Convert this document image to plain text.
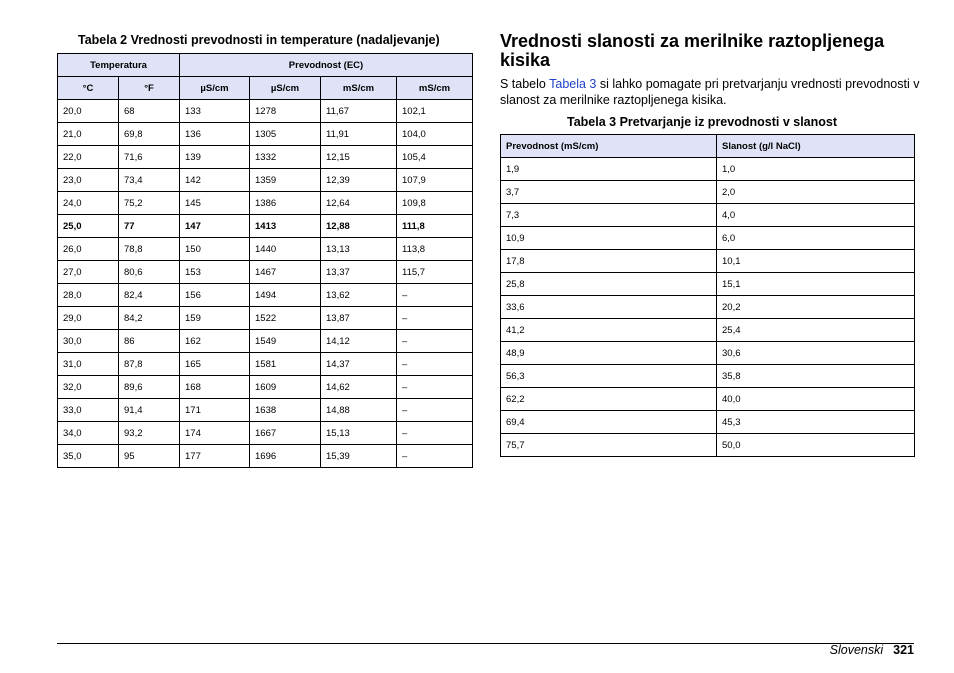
Tabela 2 Vrednosti prevodnosti in temperature (nadaljevanje)
Temperatura		Prevodnost (EC)			
°C	°F	µS/cm	µS/cm	mS/cm	mS/cm
20,0	68	133	1278	11,67	102,1
21,0	69,8	136	1305	11,91	104,0
22,0	71,6	139	1332	12,15	105,4
23,0	73,4	142	1359	12,39	107,9
24,0	75,2	145	1386	12,64	109,8
25,0	77	147	1413	12,88	111,8
26,0	78,8	150	1440	13,13	113,8
27,0	80,6	153	1467	13,37	115,7
28,0	82,4	156	1494	13,62	–
29,0	84,2	159	1522	13,87	–
30,0	86	162	1549	14,12	–
31,0	87,8	165	1581	14,37	–
32,0	89,6	168	1609	14,62	–
33,0	91,4	171	1638	14,88	–
34,0	93,2	174	1667	15,13	–
35,0	95	177	1696	15,39	–
Vrednosti slanosti za merilnike raztopljenega kisika

S tabelo Tabela 3 si lahko pomagate pri pretvarjanju vrednosti prevodnosti v slanost za merilnike raztopljenega kisika.

Tabela 3 Pretvarjanje iz prevodnosti v slanost
Prevodnost (mS/cm)	Slanost (g/l NaCl)
1,9	1,0
3,7	2,0
7,3	4,0
10,9	6,0
17,8	10,1
25,8	15,1
33,6	20,2
41,2	25,4
48,9	30,6
56,3	35,8
62,2	40,0
69,4	45,3
75,7	50,0
Slovenski 321
